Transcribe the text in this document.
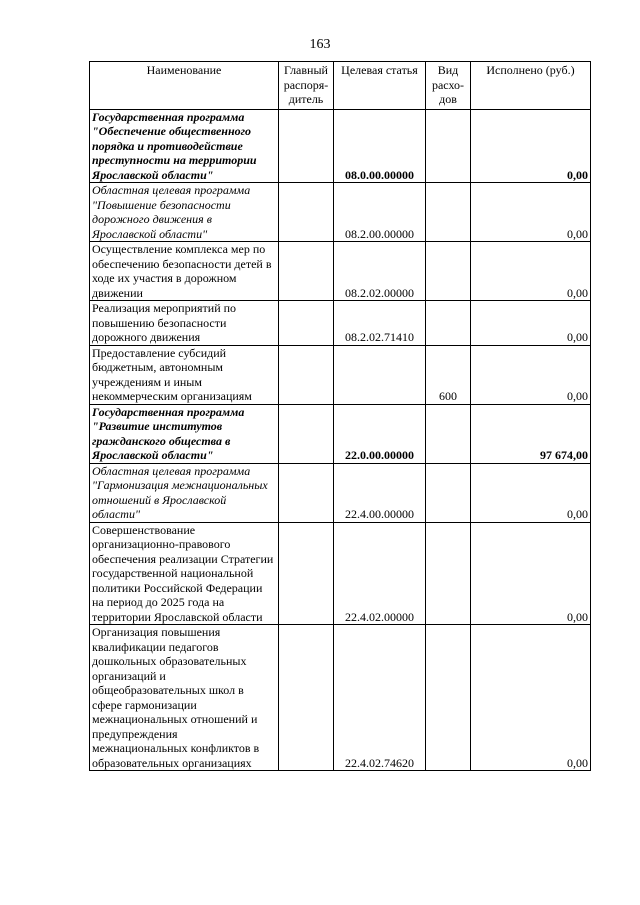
163
Наименование	Главный распоря-дитель	Целевая статья	Вид расхо-дов	Исполнено (руб.)
Государственная программа "Обеспечение общественного порядка и противодействие преступности на территории Ярославской области"		08.0.00.00000		0,00
Областная целевая программа "Повышение безопасности дорожного движения в Ярославской области"		08.2.00.00000		0,00
Осуществление комплекса мер по обеспечению безопасности детей в ходе их участия в дорожном движении		08.2.02.00000		0,00
Реализация мероприятий по повышению безопасности дорожного движения		08.2.02.71410		0,00
Предоставление субсидий бюджетным, автономным учреждениям и иным некоммерческим организациям			600	0,00
Государственная программа "Развитие институтов гражданского общества в Ярославской области"		22.0.00.00000		97 674,00
Областная целевая программа "Гармонизация межнациональных отношений в Ярославской области"		22.4.00.00000		0,00
Совершенствование организационно-правового обеспечения реализации Стратегии государственной национальной политики Российской Федерации на период до 2025 года на территории Ярославской области		22.4.02.00000		0,00
Организация повышения квалификации педагогов дошкольных образовательных организаций и общеобразовательных школ в сфере гармонизации межнациональных отношений и предупреждения межнациональных конфликтов в образовательных организациях		22.4.02.74620		0,00
